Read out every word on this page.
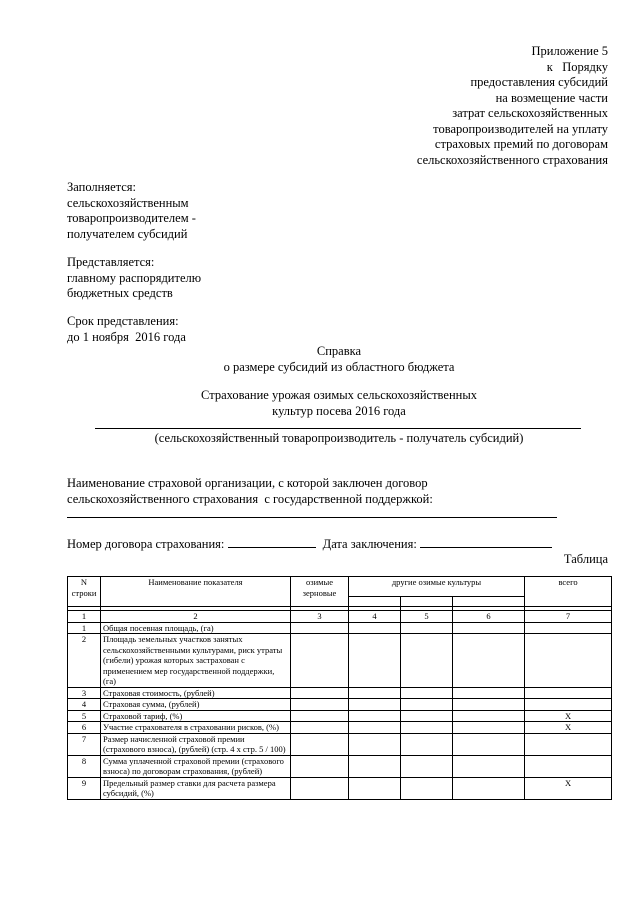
Приложение 5
к   Порядку
предоставления субсидий
на возмещение части
затрат сельскохозяйственных
товаропроизводителей на уплату
страховых премий по договорам
сельскохозяйственного страхования
Заполняется:
сельскохозяйственным
товаропроизводителем -
получателем субсидий
Представляется:
главному распорядителю
бюджетных средств
Срок представления:
до 1 ноября  2016 года
Справка
о размере субсидий из областного бюджета
Страхование урожая озимых сельскохозяйственных
культур посева 2016 года
(сельскохозяйственный товаропроизводитель - получатель субсидий)
Наименование страховой организации, с которой заключен договор
сельскохозяйственного страхования  с государственной поддержкой:
Номер договора страхования:	Дата заключения:
Таблица
N строки	Наименование показателя	озимые зерновые	другие озимые культуры			всего

1	2	3	4	5	6	7
1	Общая посевная площадь, (га)					
2	Площадь земельных участков занятых сельскохозяйственными культурами, риск утраты (гибели) урожая которых застрахован с применением мер государственной поддержки, (га)					
3	Страховая стоимость, (рублей)					
4	Страховая сумма, (рублей)					
5	Страховой тариф, (%)					X
6	Участие страхователя в страховании рисков, (%)					X
7	Размер начисленной страховой премии (страхового взноса), (рублей) (стр. 4 х стр. 5 / 100)					
8	Сумма уплаченной страховой премии (страхового взноса) по договорам страхования, (рублей)					
9	Предельный размер ставки для расчета размера субсидий, (%)					X
